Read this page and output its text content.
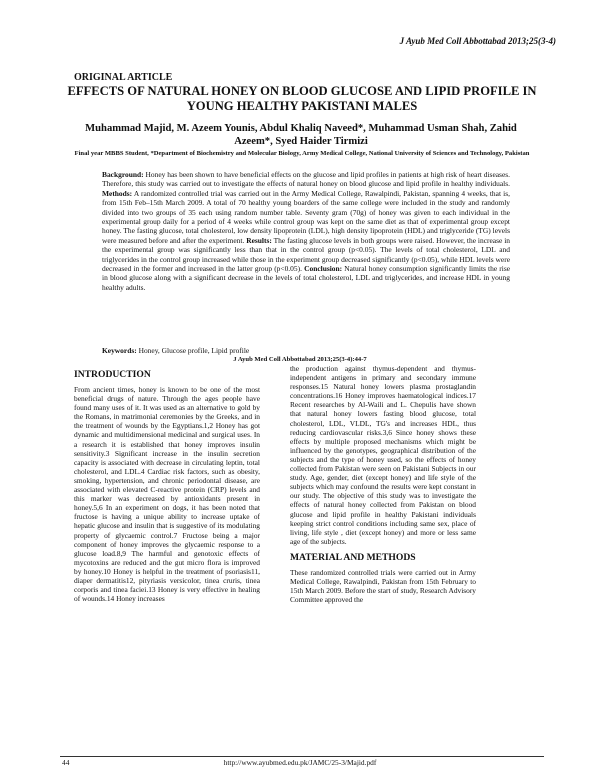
J Ayub Med Coll Abbottabad 2013;25(3-4)
ORIGINAL ARTICLE
EFFECTS OF NATURAL HONEY ON BLOOD GLUCOSE AND LIPID PROFILE IN YOUNG HEALTHY PAKISTANI MALES
Muhammad Majid, M. Azeem Younis, Abdul Khaliq Naveed*, Muhammad Usman Shah, Zahid Azeem*, Syed Haider Tirmizi
Final year MBBS Student, *Department of Biochemistry and Molecular Biology, Army Medical College, National University of Sciences and Technology, Pakistan
Background: Honey has been shown to have beneficial effects on the glucose and lipid profiles in patients at high risk of heart diseases. Therefore, this study was carried out to investigate the effects of natural honey on blood glucose and lipid profile in healthy individuals. Methods: A randomized controlled trial was carried out in the Army Medical College, Rawalpindi, Pakistan, spanning 4 weeks, that is, from 15th Feb–15th March 2009. A total of 70 healthy young boarders of the same college were included in the study and randomly divided into two groups of 35 each using random number table. Seventy gram (70g) of honey was given to each individual in the experimental group daily for a period of 4 weeks while control group was kept on the same diet as that of experimental group except honey. The fasting glucose, total cholesterol, low density lipoprotein (LDL), high density lipoprotein (HDL) and triglyceride (TG) levels were measured before and after the experiment. Results: The fasting glucose levels in both groups were raised. However, the increase in the experimental group was significantly less than that in the control group (p<0.05). The levels of total cholesterol, LDL and triglycerides in the control group increased while those in the experiment group decreased significantly (p<0.05), while HDL levels were decreased in the former and increased in the latter group (p<0.05). Conclusion: Natural honey consumption significantly limits the rise in blood glucose along with a significant decrease in the levels of total cholesterol, LDL and triglycerides, and increase HDL in young healthy adults.
Keywords: Honey, Glucose profile, Lipid profile
J Ayub Med Coll Abbottabad 2013;25(3-4):44-7
INTRODUCTION

From ancient times, honey is known to be one of the most beneficial drugs of nature. Through the ages people have found many uses of it. It was used as an alternative to gold by the Romans, in matrimonial ceremonies by the Greeks, and in the treatment of wounds by the Egyptians.1,2 Honey has got dynamic and multidimensional medicinal and surgical uses. In a research it is established that honey improves insulin sensitivity.3 Significant increase in the insulin secretion capacity is associated with decrease in circulating leptin, total cholesterol, and LDL.4 Cardiac risk factors, such as obesity, smoking, hypertension, and chronic periodontal disease, are associated with elevated C-reactive protein (CRP) levels and this marker was decreased by antioxidants present in honey.5,6 In an experiment on dogs, it has been noted that fructose is having a unique ability to increase uptake of hepatic glucose and insulin that is suggestive of its modulating property of glycaemic control.7 Fructose being a major component of honey improves the glycaemic response to a glucose load.8,9 The harmful and genotoxic effects of mycotoxins are reduced and the gut micro flora is improved by honey.10 Honey is helpful in the treatment of psoriasis11, diaper dermatitis12, pityriasis versicolor, tinea cruris, tinea corporis and tinea faciei.13 Honey is very effective in healing of wounds.14 Honey increases

the production against thymus-dependent and thymus-independent antigens in primary and secondary immune responses.15 Natural honey lowers plasma prostaglandin concentrations.16 Honey improves haematological indices.17 Recent researches by Al-Waili and L. Chepulis have shown that natural honey lowers fasting blood glucose, total cholesterol, LDL, VLDL, TG's and increases HDL, thus reducing cardiovascular risks.3,6 Since honey shows these effects by multiple proposed mechanisms which might be influenced by the genotypes, geographical distribution of the subjects and the type of honey used, so the effects of honey collected from Pakistan were seen on Pakistani Subjects in our study. Age, gender, diet (except honey) and life style of the subjects which may confound the results were kept constant in our study. The objective of this study was to investigate the effects of natural honey collected from Pakistan on blood glucose and lipid profile in healthy Pakistani individuals keeping strict control conditions including same sex, place of living, life style , diet (except honey) and more or less same age of the subjects.

MATERIAL AND METHODS

These randomized controlled trials were carried out in Army Medical College, Rawalpindi, Pakistan from 15th February to 15th March 2009. Before the start of study, Research Advisory Committee approved the

44	http://www.ayubmed.edu.pk/JAMC/25-3/Majid.pdf
